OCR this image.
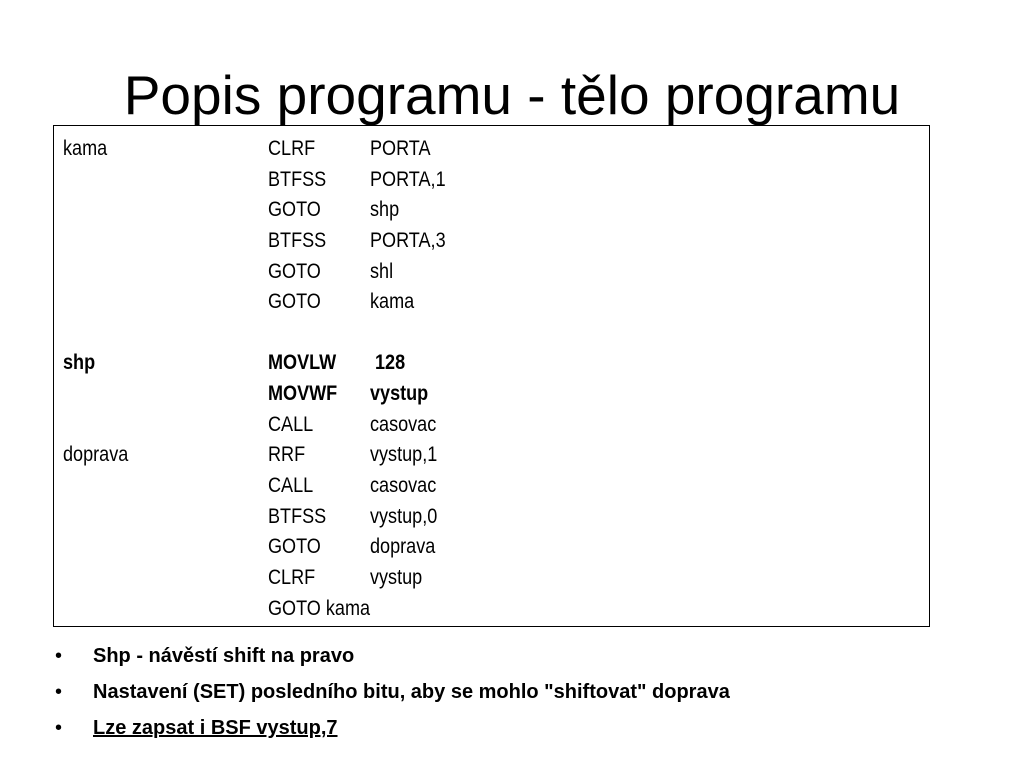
Popis programu - tělo programu
kama	CLRF	PORTA
BTFSS PORTA,1
GOTO shp
BTFSS PORTA,3
GOTO shl
GOTO kama
shp	MOVLW 128
MOVWF vystup
CALL	casovac
doprava	RRF	vystup,1
CALL	casovac
BTFSS vystup,0
GOTO doprava
CLRF	vystup
GOTO kama
• Shp - návěstí shift na pravo
• Nastavení (SET) posledního bitu, aby se mohlo "shiftovat" doprava
• Lze zapsat i BSF vystup,7
